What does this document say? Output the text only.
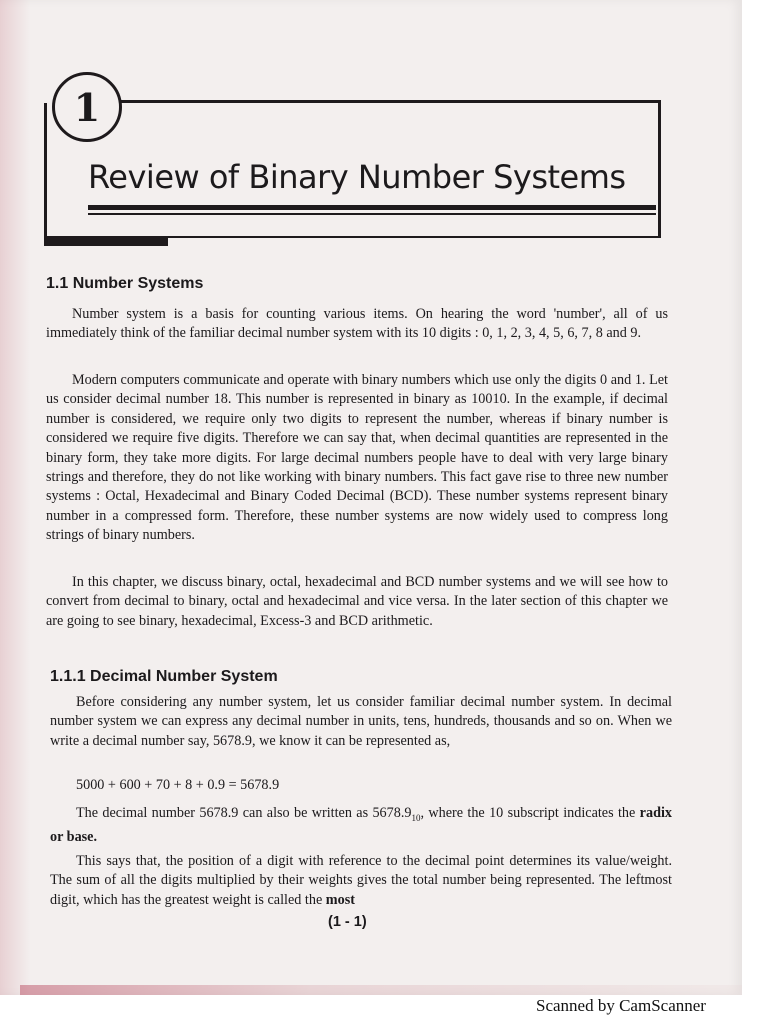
1
Review of Binary Number Systems
1.1 Number Systems

Number system is a basis for counting various items. On hearing the word 'number', all of us immediately think of the familiar decimal number system with its 10 digits : 0, 1, 2, 3, 4, 5, 6, 7, 8 and 9.

Modern computers communicate and operate with binary numbers which use only the digits 0 and 1. Let us consider decimal number 18. This number is represented in binary as 10010. In the example, if decimal number is considered, we require only two digits to represent the number, whereas if binary number is considered we require five digits. Therefore we can say that, when decimal quantities are represented in the binary form, they take more digits. For large decimal numbers people have to deal with very large binary strings and therefore, they do not like working with binary numbers. This fact gave rise to three new number systems : Octal, Hexadecimal and Binary Coded Decimal (BCD). These number systems represent binary number in a compressed form. Therefore, these number systems are now widely used to compress long strings of binary numbers.

In this chapter, we discuss binary, octal, hexadecimal and BCD number systems and we will see how to convert from decimal to binary, octal and hexadecimal and vice versa. In the later section of this chapter we are going to see binary, hexadecimal, Excess-3 and BCD arithmetic.

1.1.1 Decimal Number System

Before considering any number system, let us consider familiar decimal number system. In decimal number system we can express any decimal number in units, tens, hundreds, thousands and so on. When we write a decimal number say, 5678.9, we know it can be represented as,

5000 + 600 + 70 + 8 + 0.9 = 5678.9

The decimal number 5678.9 can also be written as $5678.9_{10}$, where the 10 subscript indicates the radix or base.

This says that, the position of a digit with reference to the decimal point determines its value/weight. The sum of all the digits multiplied by their weights gives the total number being represented. The leftmost digit, which has the greatest weight is called the most

(1 - 1)
Scanned by CamScanner
